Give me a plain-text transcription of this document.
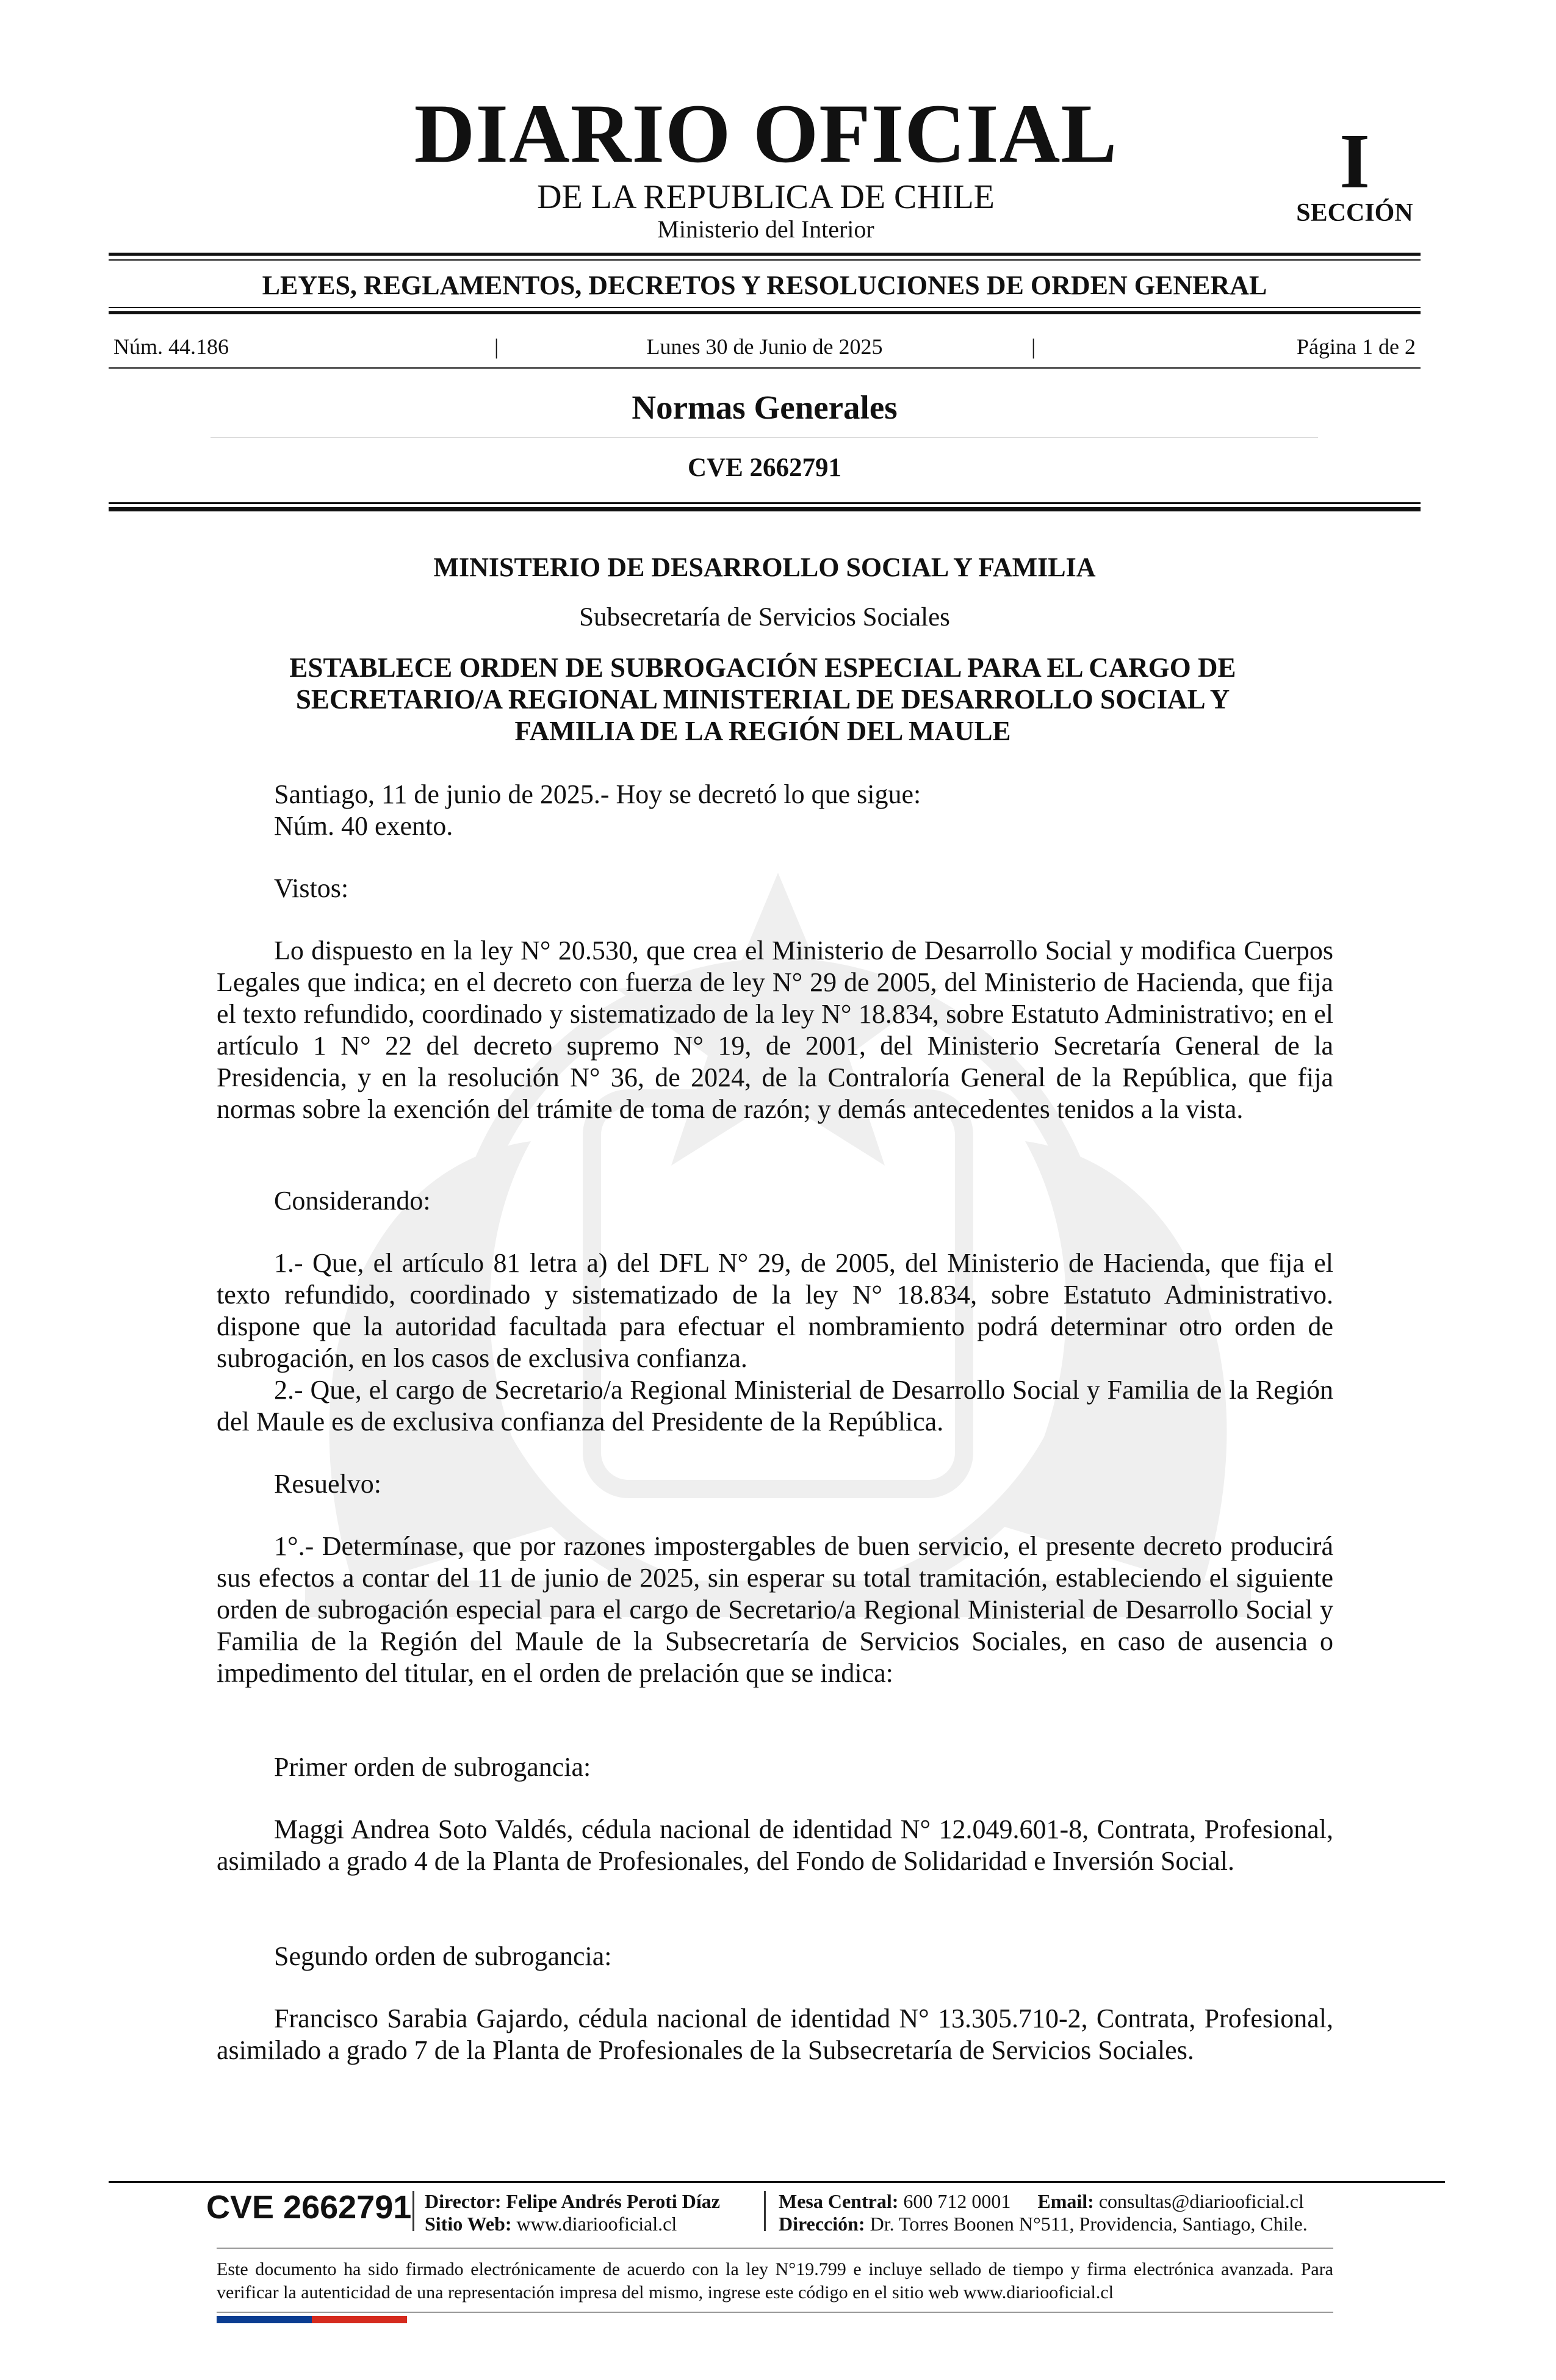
DIARIO OFICIAL
DE LA REPUBLICA DE CHILE
Ministerio del Interior
I
SECCIÓN
LEYES, REGLAMENTOS, DECRETOS Y RESOLUCIONES DE ORDEN GENERAL
Núm. 44.186	|	Lunes 30 de Junio de 2025	|	Página 1 de 2
Normas Generales
CVE 2662791
MINISTERIO DE DESARROLLO SOCIAL Y FAMILIA
Subsecretaría de Servicios Sociales
ESTABLECE ORDEN DE SUBROGACIÓN ESPECIAL PARA EL CARGO DE SECRETARIO/A REGIONAL MINISTERIAL DE DESARROLLO SOCIAL Y FAMILIA DE LA REGIÓN DEL MAULE
Santiago, 11 de junio de 2025.- Hoy se decretó lo que sigue:
Núm. 40 exento.
Vistos:
Lo dispuesto en la ley N° 20.530, que crea el Ministerio de Desarrollo Social y modifica Cuerpos Legales que indica; en el decreto con fuerza de ley N° 29 de 2005, del Ministerio de Hacienda, que fija el texto refundido, coordinado y sistematizado de la ley N° 18.834, sobre Estatuto Administrativo; en el artículo 1 N° 22 del decreto supremo N° 19, de 2001, del Ministerio Secretaría General de la Presidencia, y en la resolución N° 36, de 2024, de la Contraloría General de la República, que fija normas sobre la exención del trámite de toma de razón; y demás antecedentes tenidos a la vista.
Considerando:
1.- Que, el artículo 81 letra a) del DFL N° 29, de 2005, del Ministerio de Hacienda, que fija el texto refundido, coordinado y sistematizado de la ley N° 18.834, sobre Estatuto Administrativo. dispone que la autoridad facultada para efectuar el nombramiento podrá determinar otro orden de subrogación, en los casos de exclusiva confianza.
2.- Que, el cargo de Secretario/a Regional Ministerial de Desarrollo Social y Familia de la Región del Maule es de exclusiva confianza del Presidente de la República.
Resuelvo:
1°.- Determínase, que por razones impostergables de buen servicio, el presente decreto producirá sus efectos a contar del 11 de junio de 2025, sin esperar su total tramitación, estableciendo el siguiente orden de subrogación especial para el cargo de Secretario/a Regional Ministerial de Desarrollo Social y Familia de la Región del Maule de la Subsecretaría de Servicios Sociales, en caso de ausencia o impedimento del titular, en el orden de prelación que se indica:
Primer orden de subrogancia:
Maggi Andrea Soto Valdés, cédula nacional de identidad N° 12.049.601-8, Contrata, Profesional, asimilado a grado 4 de la Planta de Profesionales, del Fondo de Solidaridad e Inversión Social.
Segundo orden de subrogancia:
Francisco Sarabia Gajardo, cédula nacional de identidad N° 13.305.710-2, Contrata, Profesional, asimilado a grado 7 de la Planta de Profesionales de la Subsecretaría de Servicios Sociales.
CVE 2662791 Director: Felipe Andrés Peroti Díaz
Sitio Web: www.diariooficial.cl
Mesa Central: 600 712 0001 Email: consultas@diariooficial.cl
Dirección: Dr. Torres Boonen N°511, Providencia, Santiago, Chile.
Este documento ha sido firmado electrónicamente de acuerdo con la ley N°19.799 e incluye sellado de tiempo y firma electrónica avanzada. Para verificar la autenticidad de una representación impresa del mismo, ingrese este código en el sitio web www.diariooficial.cl
